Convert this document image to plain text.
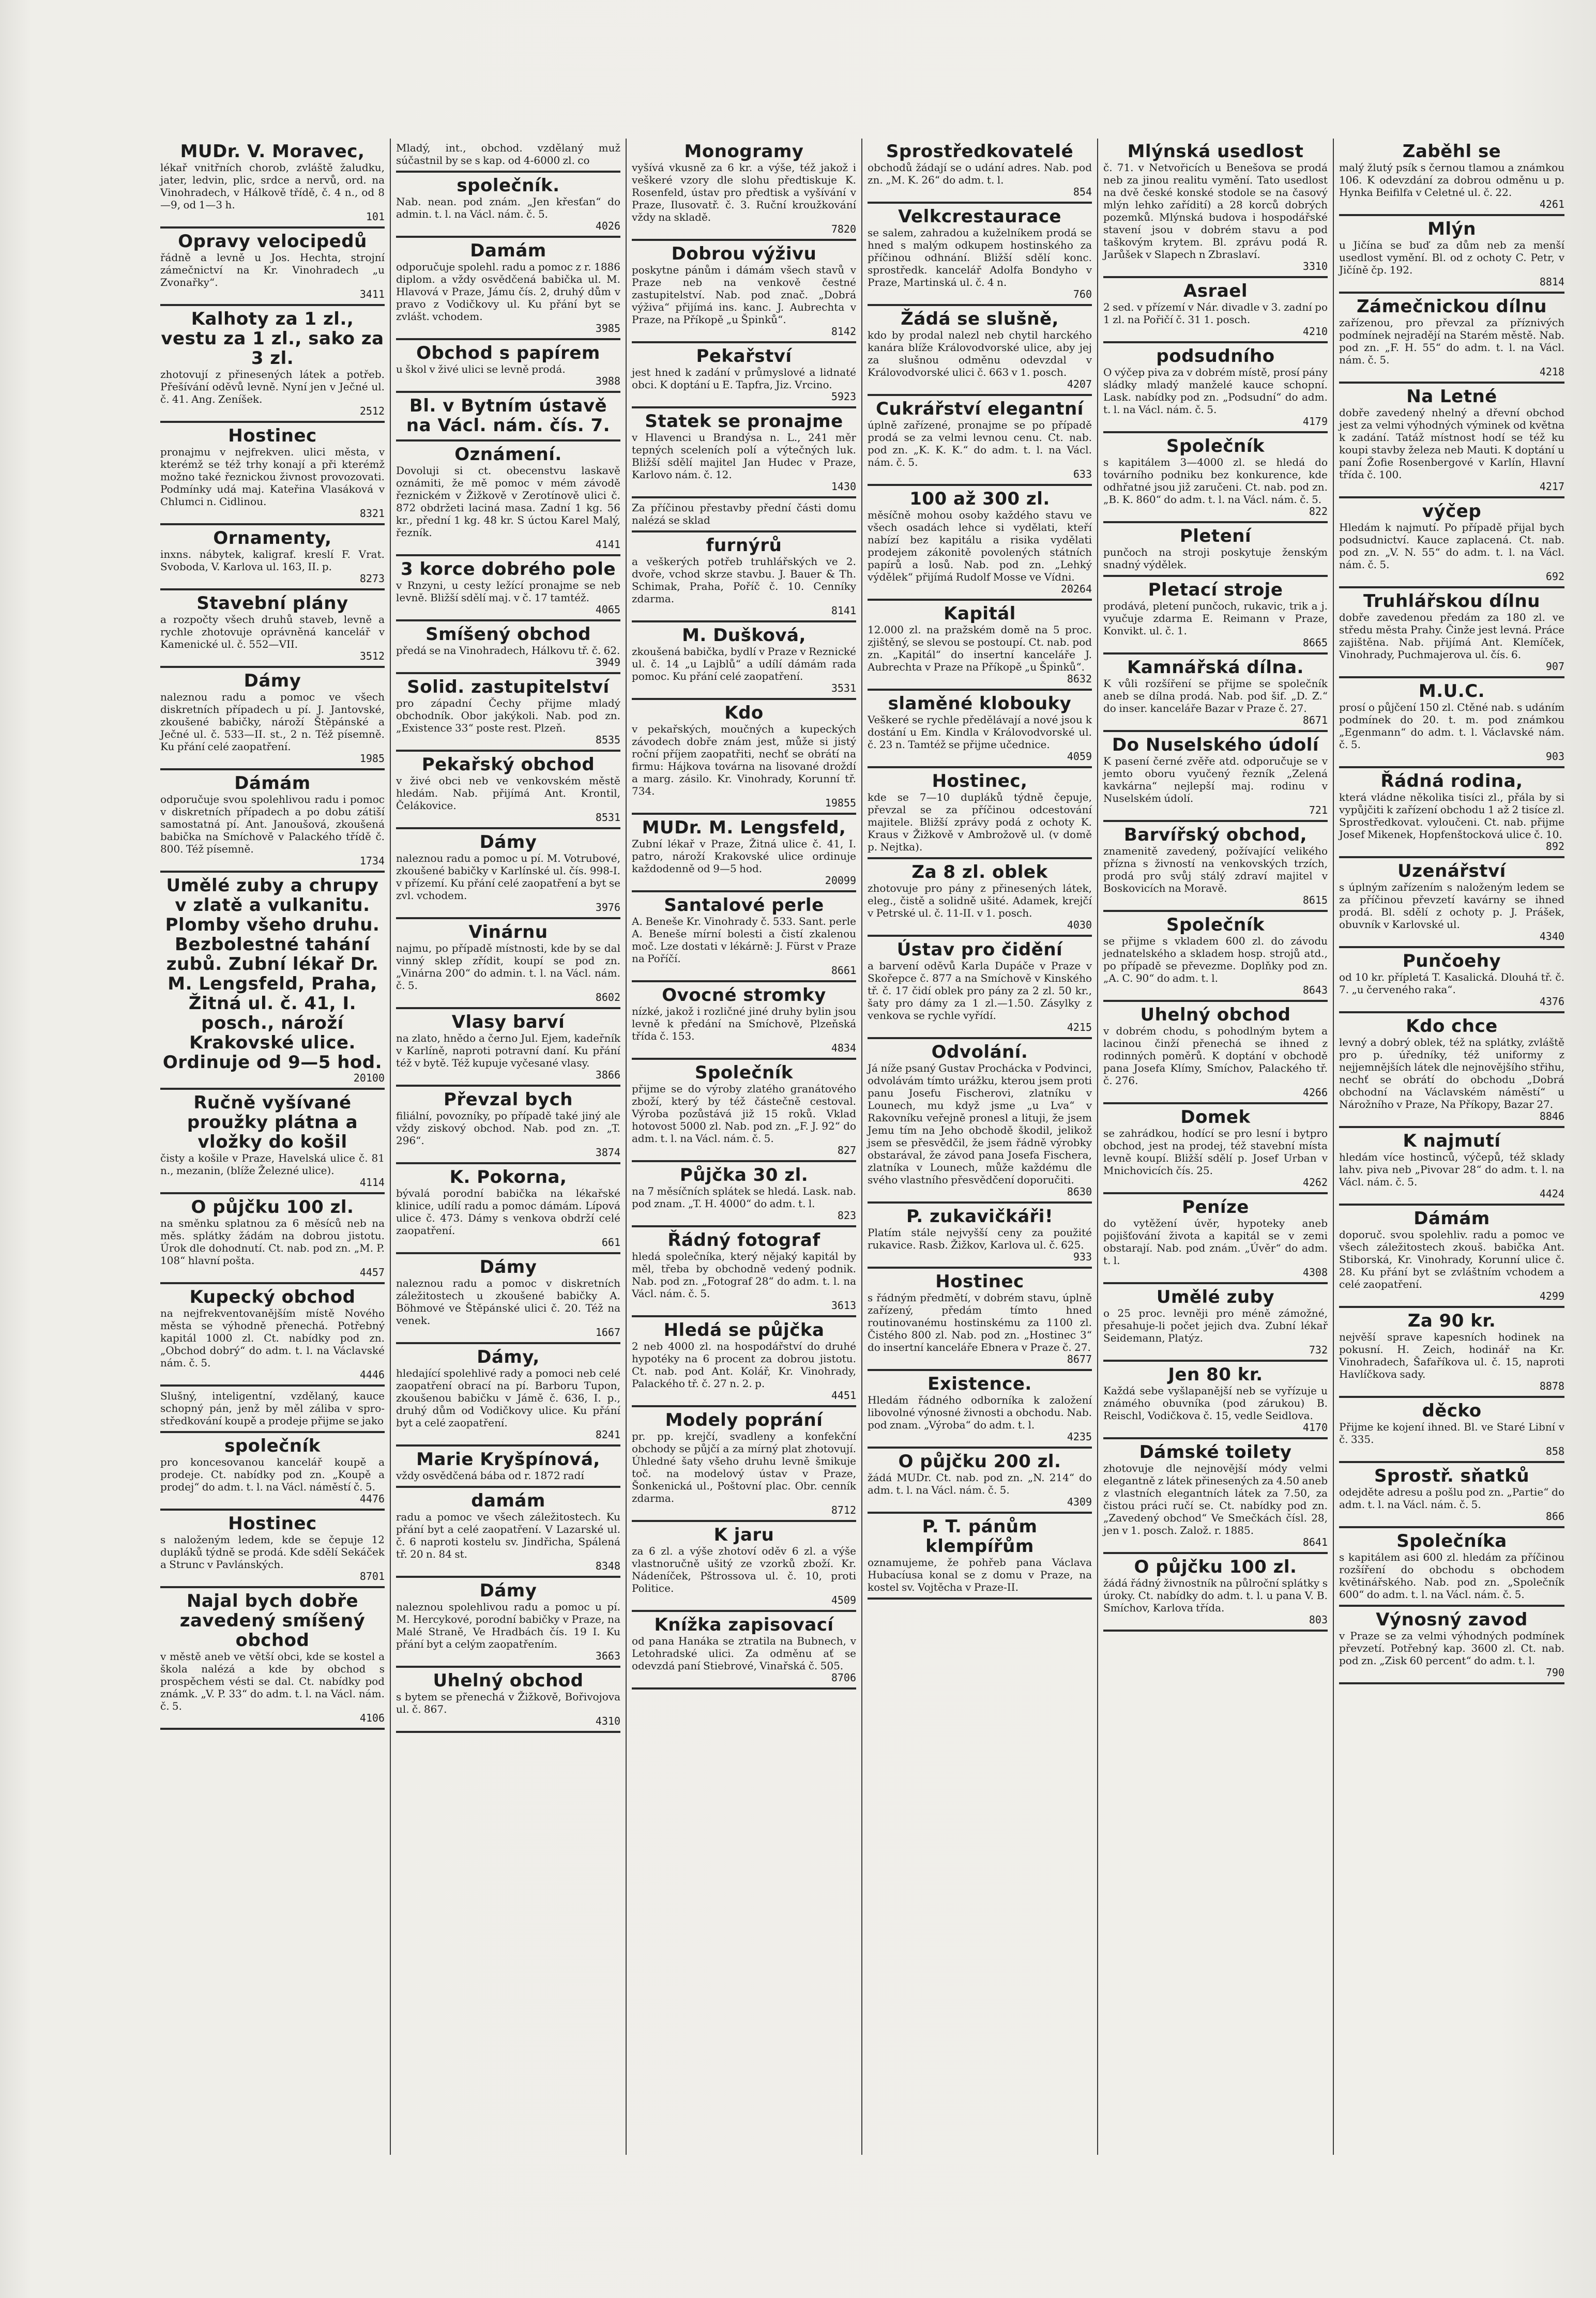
MUDr. V. Moravec,
lékař vnitřních chorob, zvláště žaludku, jater, ledvin, plic, srdce a nervů, ord. na Vinohradech, v Hálkově třídě, č. 4 n., od 8—9, od 1—3 h.
101
Opravy velocipedů
řádně a levně u Jos. Hechta, strojní zámečnictví na Kr. Vinohradech „u Zvonařky“.
3411
Kalhoty za 1 zl., vestu za 1 zl., sako za 3 zl.
zhotovují z přinesených látek a potřeb. Přešívání oděvů levně. Nyní jen v Ječné ul. č. 41. Ang. Zeníšek.
2512
Hostinec
pronajmu v nejfrekven. ulici města, v kterémž se též trhy konají a při kterémž možno také řeznickou živnost provozovati. Podmínky udá maj. Kateřina Vlasáková v Chlumci n. Cidlinou.
8321
Ornamenty,
inxns. nábytek, kaligraf. kreslí F. Vrat. Svoboda, V. Karlova ul. 163, II. p.
8273
Stavební plány
a rozpočty všech druhů staveb, levně a rychle zhotovuje oprávněná kancelář v Kamenické ul. č. 552—VII.
3512
Dámy
naleznou radu a pomoc ve všech diskretních případech u pí. J. Jantovské, zkoušené babičky, nároží Štěpánské a Ječné ul. č. 533—II. st., 2 n. Též písemně. Ku přání celé zaopatření.
1985
Dámám
odporučuje svou spolehlivou radu i pomoc v diskretních případech a po dobu zátiší samostatná pí. Ant. Janoušová, zkoušená babička na Smíchově v Palackého třídě č. 800. Též písemně.
1734
Umělé zuby a chrupy v zlatě a vulkanitu. Plomby všeho druhu. Bezbolestné tahání zubů. Zubní lékař Dr. M. Lengsfeld, Praha, Žitná ul. č. 41, I. posch., nároží Krakovské ulice. Ordinuje od 9—5 hod.
20100
Ručně vyšívané proužky plátna a vložky do košil
čisty a košile v Praze, Havelská ulice č. 81 n., mezanin, (blíže Železné ulice).
4114
O půjčku 100 zl.
na směnku splatnou za 6 měsíců neb na měs. splátky žádám na dobrou jistotu. Úrok dle dohodnutí. Ct. nab. pod zn. „M. P. 108“ hlavní pošta.
4457
Kupecký obchod
na nejfrekventovanějším místě Nového města se výhodně přenechá. Potřebný kapitál 1000 zl. Ct. nabídky pod zn. „Obchod dobrý“ do adm. t. l. na Václavské nám. č. 5.
4446
Slušný, inteligentní, vzdělaný, kauce schopný pán, jenž by měl záliba v spro-středkování koupě a prodeje přijme se jako
společník
pro koncesovanou kancelář koupě a prodeje. Ct. nabídky pod zn. „Koupě a prodej“ do adm. t. l. na Václ. náměstí č. 5.
4476
Hostinec
s naloženým ledem, kde se čepuje 12 dupláků týdně se prodá. Kde sdělí Sekáček a Strunc v Pavlánských.
8701
Najal bych dobře zavedený smíšený obchod
v městě aneb ve větší obci, kde se kostel a škola nalézá a kde by obchod s prospěchem vésti se dal. Ct. nabídky pod známk. „V. P. 33“ do adm. t. l. na Václ. nám. č. 5.
4106
Mladý, int., obchod. vzdělaný muž súčastnil by se s kap. od 4-6000 zl. co
společník.
Nab. nean. pod znám. „Jen křesťan“ do admin. t. l. na Václ. nám. č. 5.
4026
Damám
odporučuje spolehl. radu a pomoc z r. 1886 diplom. a vždy osvědčená babička ul. M. Hlavová v Praze, Jámu čís. 2, druhý dům v pravo z Vodičkovy ul. Ku přání byt se zvlášt. vchodem.
3985
Obchod s papírem
u škol v živé ulici se levně prodá.
3988
Bl. v Bytním ústavě na Václ. nám. čís. 7.
Oznámení.
Dovoluji si ct. obecenstvu laskavě oznámiti, že mě pomoc v mém závodě řeznickém v Žižkově v Zerotínově ulici č. 872 obdržeti laciná masa. Zadní 1 kg. 56 kr., přední 1 kg. 48 kr. S úctou Karel Malý, řezník.
4141
3 korce dobrého pole
v Rnzyni, u cesty ležící pronajme se neb levně. Bližší sdělí maj. v č. 17 tamtéž.
4065
Smíšený obchod
předá se na Vinohradech, Hálkovu tř. č. 62.
3949
Solid. zastupitelství
pro západní Čechy přijme mladý obchodník. Obor jakýkoli. Nab. pod zn. „Existence 33“ poste rest. Plzeň.
8535
Pekařský obchod
v živé obci neb ve venkovském městě hledám. Nab. přijímá Ant. Krontil, Čelákovice.
8531
Dámy
naleznou radu a pomoc u pí. M. Votrubové, zkoušené babičky v Karlínské ul. čís. 998-I. v přízemí. Ku přání celé zaopatření a byt se zvl. vchodem.
3976
Vinárnu
najmu, po případě místnosti, kde by se dal vinný sklep zřídit, koupí se pod zn. „Vinárna 200“ do admin. t. l. na Václ. nám. č. 5.
8602
Vlasy barví
na zlato, hnědo a černo Jul. Ejem, kadeřník v Karlíně, naproti potravní daní. Ku přání též v bytě. Též kupuje vyčesané vlasy.
3866
Převzal bych
filiální, povozníky, po případě také jiný ale vždy ziskový obchod. Nab. pod zn. „T. 296“.
3874
K. Pokorna,
bývalá porodní babička na lékařské klinice, udílí radu a pomoc dámám. Lípová ulice č. 473. Dámy s venkova obdrží celé zaopatření.
661
Dámy
naleznou radu a pomoc v diskretních záležitostech u zkoušené babičky A. Böhmové ve Štěpánské ulici č. 20. Též na venek.
1667
Dámy,
hledající spolehlivé rady a pomoci neb celé zaopatření obrací na pí. Barboru Tupon, zkoušenou babičku v Jámě č. 636, I. p., druhý dům od Vodičkovy ulice. Ku přání byt a celé zaopatření.
8241
Marie Kryšpínová,
vždy osvědčená bába od r. 1872 radí
damám
radu a pomoc ve všech záležitostech. Ku přání byt a celé zaopatření. V Lazarské ul. č. 6 naproti kostelu sv. Jindřicha, Spálená tř. 20 n. 84 st.
8348
Dámy
naleznou spolehlivou radu a pomoc u pí. M. Hercykové, porodní babičky v Praze, na Malé Straně, Ve Hradbách čís. 19 I. Ku přání byt a celým zaopatřením.
3663
Uhelný obchod
s bytem se přenechá v Žižkově, Bořivojova ul. č. 867.
4310
Monogramy
vyšívá vkusně za 6 kr. a výše, též jakož i veškeré vzory dle slohu předtiskuje K. Rosenfeld, ústav pro předtisk a vyšívání v Praze, Ilusovatř. č. 3. Ruční kroužkování vždy na skladě.
7820
Dobrou výživu
poskytne pánům i dámám všech stavů v Praze neb na venkově čestné zastupitelství. Nab. pod znač. „Dobrá výživa“ přijímá ins. kanc. J. Aubrechta v Praze, na Příkopě „u Špinků“.
8142
Pekařství
jest hned k zadání v průmyslové a lidnaté obci. K doptání u E. Tapfra, Jiz. Vrcino.
5923
Statek se pronajme
v Hlavenci u Brandýsa n. L., 241 měr tepných sceleních polí a výtečných luk. Bližší sdělí majitel Jan Hudec v Praze, Karlovo nám. č. 12.
1430
Za příčinou přestavby přední části domu nalézá se sklad
furnýrů
a veškerých potřeb truhlářských ve 2. dvoře, vchod skrze stavbu. J. Bauer & Th. Schimak, Praha, Poříč č. 10. Cenníky zdarma.
8141
M. Dušková,
zkoušená babička, bydlí v Praze v Reznické ul. č. 14 „u Lajblů“ a udílí dámám rada pomoc. Ku přání celé zaopatření.
3531
Kdo
v pekařských, moučných a kupeckých závodech dobře znám jest, může si jistý roční příjem zaopatřiti, nechť se obrátí na firmu: Hájkova továrna na lisované droždí a marg. zásilo. Kr. Vinohrady, Korunní tř. 734.
19855
MUDr. M. Lengsfeld,
Zubní lékař v Praze, Žitná ulice č. 41, I. patro, nároží Krakovské ulice ordinuje každodenně od 9—5 hod.
20099
Santalové perle
A. Beneše Kr. Vinohrady č. 533. Sant. perle A. Beneše mírní bolesti a čistí zkalenou moč. Lze dostati v lékárně: J. Fürst v Praze na Poříčí.
8661
Ovocné stromky
nízké, jakož i rozličné jiné druhy bylin jsou levně k předání na Smíchově, Plzeňská třída č. 153.
4834
Společník
přijme se do výroby zlatého granátového zboží, který by též částečně cestoval. Výroba pozůstává již 15 roků. Vklad hotovost 5000 zl. Nab. pod zn. „F. J. 92“ do adm. t. l. na Václ. nám. č. 5.
827
Půjčka 30 zl.
na 7 měsíčních splátek se hledá. Lask. nab. pod znam. „T. H. 4000“ do adm. t. l.
823
Řádný fotograf
hledá společníka, který nějaký kapitál by měl, třeba by obchodně vedený podnik. Nab. pod zn. „Fotograf 28“ do adm. t. l. na Václ. nám. č. 5.
3613
Hledá se půjčka
2 neb 4000 zl. na hospodářství do druhé hypotéky na 6 procent za dobrou jistotu. Ct. nab. pod Ant. Kolář, Kr. Vinohrady, Palackého tř. č. 27 n. 2. p.
4451
Modely poprání
pr. pp. krejčí, svadleny a konfekční obchody se půjčí a za mírný plat zhotovují. Úhledné šaty všeho druhu levně šmikuje toč. na modelový ústav v Praze, Šonkenická ul., Poštovní plac. Obr. cenník zdarma.
8712
K jaru
za 6 zl. a výše zhotoví oděv 6 zl. a výše vlastnoručně ušitý ze vzorků zboží. Kr. Nádeníček, Pštrossova ul. č. 10, proti Politice.
4509
Knížka zapisovací
od pana Hanáka se ztratila na Bubnech, v Letohradské ulici. Za odměnu ať se odevzdá paní Stiebrové, Vinařská č. 505.
8706
Sprostředkovatelé
obchodů žádají se o udání adres. Nab. pod zn. „M. K. 26“ do adm. t. l.
854
Velkcrestaurace
se salem, zahradou a kuželníkem prodá se hned s malým odkupem hostinského za příčinou odhnání. Bližší sdělí konc. sprostředk. kancelář Adolfa Bondyho v Praze, Martinská ul. č. 4 n.
760
Žádá se slušně,
kdo by prodal nalezl neb chytil harckého kanára blíže Královodvorské ulice, aby jej za slušnou odměnu odevzdal v Královodvorské ulici č. 663 v 1. posch.
4207
Cukrářství elegantní
úplně zařízené, pronajme se po případě prodá se za velmi levnou cenu. Ct. nab. pod zn. „K. K. K.“ do adm. t. l. na Václ. nám. č. 5.
633
100 až 300 zl.
měsíčně mohou osoby každého stavu ve všech osadách lehce si vydělati, kteří nabízí bez kapitálu a risika vydělati prodejem zákonitě povolených státních papírů a losů. Nab. pod zn. „Lehký výdělek“ přijímá Rudolf Mosse ve Vídni.
20264
Kapitál
12.000 zl. na pražském domě na 5 proc. zjištěný, se slevou se postoupí. Ct. nab. pod zn. „Kapitál“ do insertní kanceláře J. Aubrechta v Praze na Příkopě „u Špinků“.
8632
slaměné klobouky
Veškeré se rychle předělávají a nové jsou k dostání u Em. Kindla v Královodvorské ul. č. 23 n. Tamtéž se přijme učednice.
4059
Hostinec,
kde se 7—10 dupláků týdně čepuje, převzal se za příčinou odcestování majitele. Bližší zprávy podá z ochoty K. Kraus v Žižkově v Ambrožově ul. (v domě p. Nejtka).
Za 8 zl. oblek
zhotovuje pro pány z přinesených látek, eleg., čistě a solidně ušité. Adamek, krejčí v Petrské ul. č. 11-II. v 1. posch.
4030
Ústav pro čidění
a barvení oděvů Karla Dupáče v Praze v Skořepce č. 877 a na Smíchově v Kinského tř. č. 17 čidí oblek pro pány za 2 zl. 50 kr., šaty pro dámy za 1 zl.—1.50. Zásylky z venkova se rychle vyřídí.
4215
Odvolání.
Já níže psaný Gustav Prochácka v Podvinci, odvolávám tímto urážku, kterou jsem proti panu Josefu Fischerovi, zlatníku v Lounech, mu když jsme „u Lva“ v Rakovníku veřejně pronesl a lituji, že jsem Jemu tím na Jeho obchodě škodil, jelikož jsem se přesvědčil, že jsem řádně výrobky obstarával, že závod pana Josefa Fischera, zlatníka v Lounech, může každému dle svého vlastního přesvědčení doporučiti.
8630
P. zukavičkáři!
Platím stále nejvyšší ceny za použité rukavice. Rasb. Žižkov, Karlova ul. č. 625.
933
Hostinec
s řádným předmětí, v dobrém stavu, úplně zařízený, předám tímto hned routinovanému hostinskému za 1100 zl. Čistého 800 zl. Nab. pod zn. „Hostinec 3“ do insertní kanceláře Ebnera v Praze č. 27.
8677
Existence.
Hledám řádného odborníka k založení libovolné výnosné živnosti a obchodu. Nab. pod znam. „Výroba“ do adm. t. l.
4235
O půjčku 200 zl.
žádá MUDr. Ct. nab. pod zn. „N. 214“ do adm. t. l. na Václ. nám. č. 5.
4309
P. T. pánům klempířům
oznamujeme, že pohřeb pana Václava Hubacíusa konal se z domu v Praze, na kostel sv. Vojtěcha v Praze-II.
Mlýnská usedlost
č. 71. v Netvořicích u Benešova se prodá neb za jinou realitu vymění. Tato usedlost na dvě české konské stodole se na časový mlýn lehko zařídití) a 28 korců dobrých pozemků. Mlýnská budova i hospodářské stavení jsou v dobrém stavu a pod taškovým krytem. Bl. zprávu podá R. Jarůšek v Slapech n Zbraslaví.
3310
Asrael
2 sed. v přízemí v Nár. divadle v 3. zadní po 1 zl. na Pořičí č. 31 1. posch.
4210
podsudního
O výčep piva za v dobrém místě, prosí pány sládky mladý manželé kauce schopní. Lask. nabídky pod zn. „Podsudní“ do adm. t. l. na Václ. nám. č. 5.
4179
Společník
s kapitálem 3—4000 zl. se hledá do továrního podniku bez konkurence, kde odhřatné jsou již zaručeni. Ct. nab. pod zn. „B. K. 860“ do adm. t. l. na Václ. nám. č. 5.
822
Pletení
punčoch na stroji poskytuje ženským snadný výdělek.
Pletací stroje
prodává, pletení punčoch, rukavic, trik a j. vyučuje zdarma E. Reimann v Praze, Konvikt. ul. č. 1.
8665
Kamnářská dílna.
K vůli rozšíření se přijme se společník aneb se dílna prodá. Nab. pod šif. „D. Z.“ do inser. kanceláře Bazar v Praze č. 27.
8671
Do Nuselského údolí
K pasení černé zvěře atd. odporučuje se v jemto oboru vyučený řezník „Zelená kavkárna“ nejlepší maj. rodinu v Nuselském údolí.
721
Barvířský obchod,
znamenitě zavedený, požívající velikého přízna s živností na venkovských trzích, prodá pro svůj stálý zdraví majitel v Boskovicích na Moravě.
8615
Společník
se přijme s vkladem 600 zl. do závodu jednatelského a skladem hosp. strojů atd., po případě se převezme. Doplňky pod zn. „A. C. 90“ do adm. t. l.
8643
Uhelný obchod
v dobrém chodu, s pohodlným bytem a lacinou činží přenechá se ihned z rodinných poměrů. K doptání v obchodě pana Josefa Klímy, Smíchov, Palackého tř. č. 276.
4266
Domek
se zahrádkou, hodící se pro lesní i bytpro obchod, jest na prodej, též stavební místa levně koupí. Bližší sdělí p. Josef Urban v Mnichovicích čís. 25.
4262
Peníze
do vytěžení úvěr, hypoteky aneb pojišťování života a kapitál se v zemi obstarají. Nab. pod znám. „Úvěr“ do adm. t. l.
4308
Umělé zuby
o 25 proc. levněji pro méně zámožné, přesahuje-li počet jejich dva. Zubní lékař Seidemann, Platýz.
732
Jen 80 kr.
Každá sebe vyšlapanější neb se vyřízuje u známého obuvníka (pod zárukou) B. Reischl, Vodičkova č. 15, vedle Seidlova.
4170
Dámské toilety
zhotovuje dle nejnovější módy velmi elegantně z látek přinesených za 4.50 aneb z vlastních elegantních látek za 7.50, za čistou práci ručí se. Ct. nabídky pod zn. „Zavedený obchod“ Ve Smečkách čísl. 28, jen v 1. posch. Založ. r. 1885.
8641
O půjčku 100 zl.
žádá řádný živnostník na půlroční splátky s úroky. Ct. nabídky do adm. t. l. u pana V. B. Smíchov, Karlova třída.
803
Zaběhl se
malý žlutý psík s černou tlamou a známkou 106. K odevzdání za dobrou odměnu u p. Hynka Beifilfa v Celetné ul. č. 22.
4261
Mlýn
u Jičína se buď za dům neb za menší usedlost vymění. Bl. od z ochoty C. Petr, v Jičíně čp. 192.
8814
Zámečnickou dílnu
zařízenou, pro převzal za příznivých podmínek nejradějí na Starém městě. Nab. pod zn. „F. H. 55“ do adm. t. l. na Václ. nám. č. 5.
4218
Na Letné
dobře zavedený nhelný a dřevní obchod jest za velmi výhodných výminek od května k zadání. Tatáž místnost hodí se též ku koupi stavby železa neb Mauti. K doptání u paní Žofie Rosenbergové v Karlín, Hlavní třída č. 100.
4217
výčep
Hledám k najmutí. Po případě přijal bych podsudnictví. Kauce zaplacená. Ct. nab. pod zn. „V. N. 55“ do adm. t. l. na Václ. nám. č. 5.
692
Truhlářskou dílnu
dobře zavedenou předám za 180 zl. ve středu města Prahy. Činže jest levná. Práce zajištěna. Nab. přijímá Ant. Klemíček, Vinohrady, Puchmajerova ul. čís. 6.
907
M.U.C.
prosí o půjčení 150 zl. Ctěné nab. s udáním podmínek do 20. t. m. pod známkou „Egenmann“ do adm. t. l. Václavské nám. č. 5.
903
Řádná rodina,
která vládne několika tisíci zl., přála by si vypůjčiti k zařízení obchodu 1 až 2 tisíce zl. Sprostředkovat. vyloučeni. Ct. nab. přijme Josef Mikenek, Hopfenštocková ulice č. 10.
892
Uzenářství
s úplným zařízením s naloženým ledem se za příčinou převzetí kavárny se ihned prodá. Bl. sdělí z ochoty p. J. Prášek, obuvník v Karlovské ul.
4340
Punčoehy
od 10 kr. přípletá T. Kasalická. Dlouhá tř. č. 7. „u červeného raka“.
4376
Kdo chce
levný a dobrý oblek, též na splátky, zvláště pro p. úředníky, též uniformy z nejjemnějších látek dle nejnovějšího střihu, nechť se obrátí do obchodu „Dobrá obchodní na Václavském náměstí“ u Nárožního v Praze, Na Příkopy, Bazar 27.
8846
K najmutí
hledám více hostinců, výčepů, též sklady lahv. piva neb „Pivovar 28“ do adm. t. l. na Václ. nám. č. 5.
4424
Dámám
doporuč. svou spolehliv. radu a pomoc ve všech záležitostech zkouš. babička Ant. Stiborská, Kr. Vinohrady, Korunní ulice č. 28. Ku přání byt se zvláštním vchodem a celé zaopatření.
4299
Za 90 kr.
nejvěší sprave kapesních hodinek na pokusní. H. Zeich, hodinář na Kr. Vinohradech, Šafaříkova ul. č. 15, naproti Havlíčkova sady.
8878
děcko
Přijme ke kojení ihned. Bl. ve Staré Libní v č. 335.
858
Sprostř. sňatků
odejděte adresu a pošlu pod zn. „Partie“ do adm. t. l. na Václ. nám. č. 5.
866
Společníka
s kapitálem asi 600 zl. hledám za příčinou rozšíření do obchodu s obchodem květinářského. Nab. pod zn. „Společník 600“ do adm. t. l. na Václ. nám. č. 5.
Výnosný zavod
v Praze se za velmi výhodných podmínek převzetí. Potřebný kap. 3600 zl. Ct. nab. pod zn. „Zisk 60 percent“ do adm. t. l.
790
